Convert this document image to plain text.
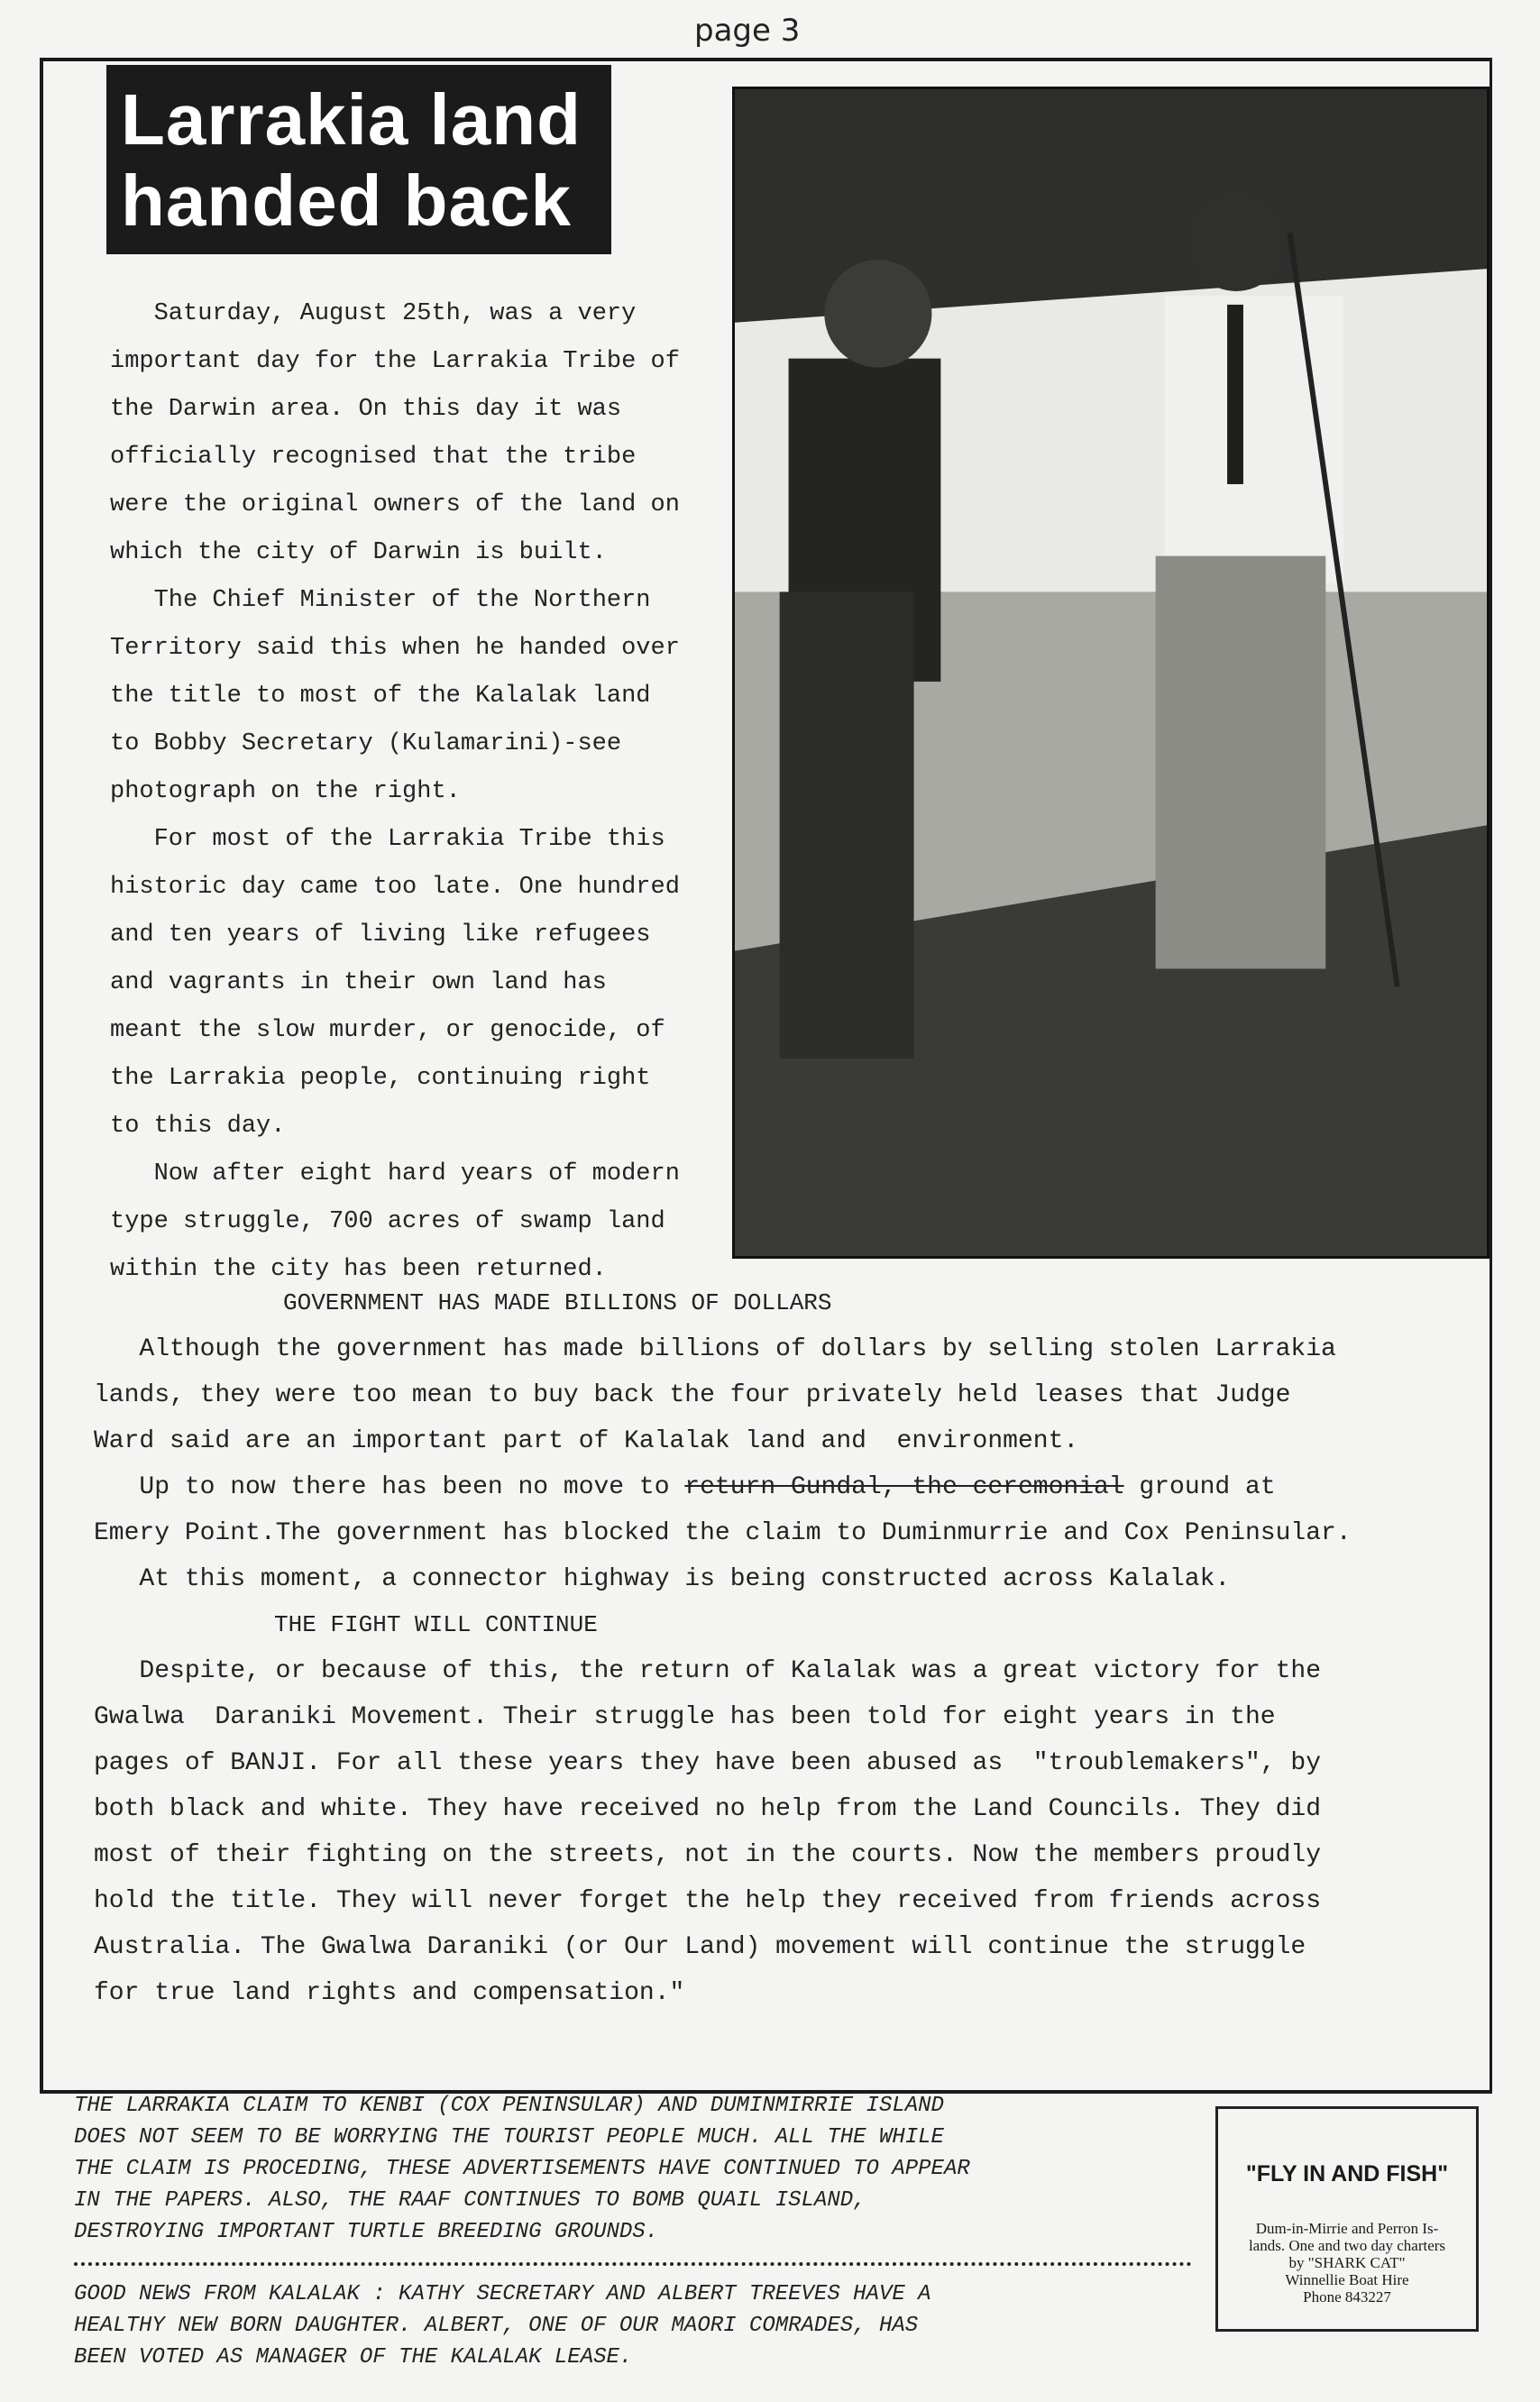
page 3
Larrakia land
handed back

Saturday, August 25th, was a very

important day for the Larrakia Tribe of

the Darwin area. On this day it was

officially recognised that the tribe

were the original owners of the land on

which the city of Darwin is built.

The Chief Minister of the Northern

Territory said this when he handed over

the title to most of the Kalalak land

to Bobby Secretary (Kulamarini)-see

photograph on the right.

For most of the Larrakia Tribe this

historic day came too late. One hundred

and ten years of living like refugees

and vagrants in their own land has

meant the slow murder, or genocide, of

the Larrakia people, continuing right

to this day.

Now after eight hard years of modern

type struggle, 700 acres of swamp land

within the city has been returned.

GOVERNMENT HAS MADE BILLIONS OF DOLLARS

Although the government has made billions of dollars by selling stolen Larrakia

lands, they were too mean to buy back the four privately held leases that Judge

Ward said are an important part of Kalalak land and  environment.

Up to now there has been no move to return Gundal, the ceremonial ground at

Emery Point.The government has blocked the claim to Duminmurrie and Cox Peninsular.

At this moment, a connector highway is being constructed across Kalalak.

THE FIGHT WILL CONTINUE

Despite, or because of this, the return of Kalalak was a great victory for the

Gwalwa  Daraniki Movement. Their struggle has been told for eight years in the

pages of BANJI. For all these years they have been abused as  "troublemakers", by

both black and white. They have received no help from the Land Councils. They did

most of their fighting on the streets, not in the courts. Now the members proudly

hold the title. They will never forget the help they received from friends across

Australia. The Gwalwa Daraniki (or Our Land) movement will continue the struggle

for true land rights and compensation."

THE LARRAKIA CLAIM TO KENBI (COX PENINSULAR) AND DUMINMIRRIE ISLAND

DOES NOT SEEM TO BE WORRYING THE TOURIST PEOPLE MUCH. ALL THE WHILE

THE CLAIM IS PROCEDING, THESE ADVERTISEMENTS HAVE CONTINUED TO APPEAR

IN THE PAPERS. ALSO, THE RAAF CONTINUES TO BOMB QUAIL ISLAND,

DESTROYING IMPORTANT TURTLE BREEDING GROUNDS.

GOOD NEWS FROM KALALAK : KATHY SECRETARY AND ALBERT TREEVES HAVE A

HEALTHY NEW BORN DAUGHTER. ALBERT, ONE OF OUR MAORI COMRADES, HAS

BEEN VOTED AS MANAGER OF THE KALALAK LEASE.

"FLY IN AND FISH"
Dum-in-Mirrie and Perron Is-
lands. One and two day charters
by "SHARK CAT"
Winnellie Boat Hire
Phone 843227
